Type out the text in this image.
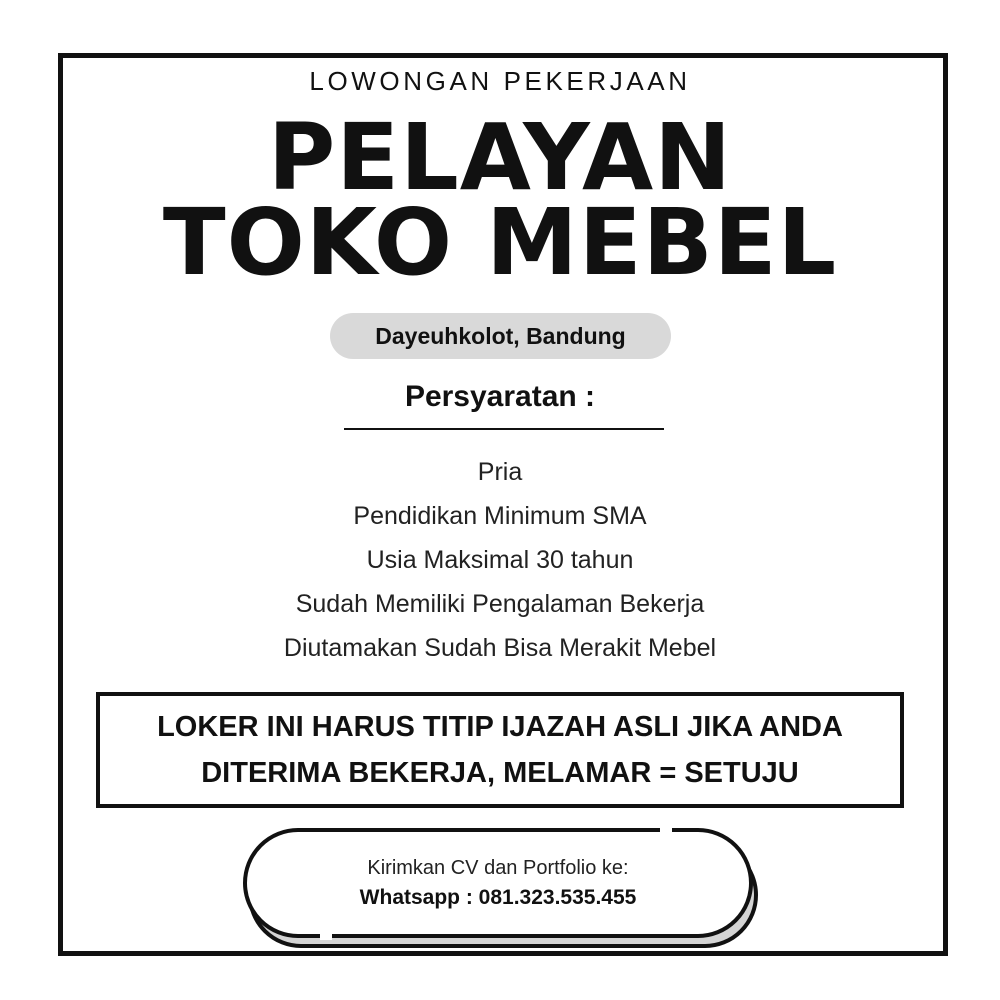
LOWONGAN PEKERJAAN
PELAYAN
TOKO MEBEL
Dayeuhkolot, Bandung
Persyaratan :
Pria
Pendidikan Minimum SMA
Usia Maksimal 30 tahun
Sudah Memiliki Pengalaman Bekerja
Diutamakan Sudah Bisa Merakit Mebel
LOKER INI HARUS TITIP IJAZAH ASLI JIKA ANDA
DITERIMA BEKERJA, MELAMAR = SETUJU
Kirimkan CV dan Portfolio ke:
Whatsapp : 081.323.535.455
